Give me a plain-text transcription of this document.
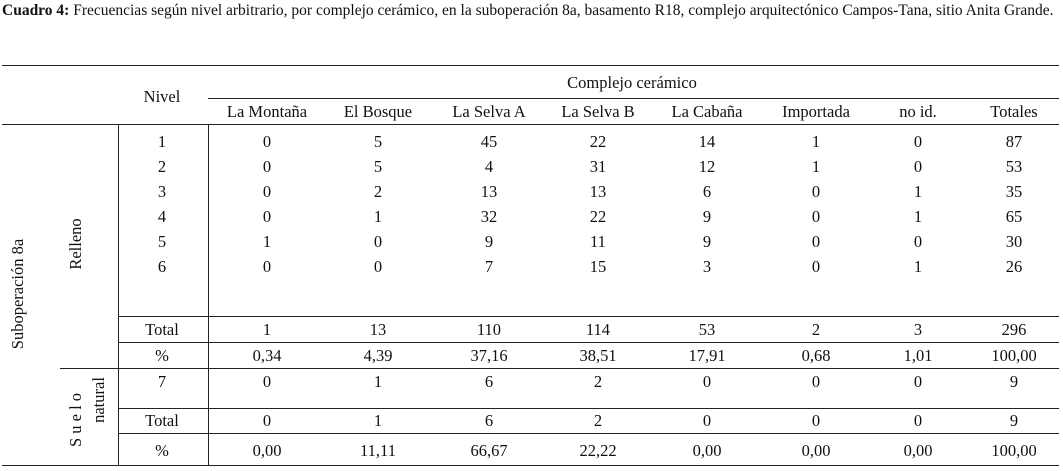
Cuadro 4: Frecuencias según nivel arbitrario, por complejo cerámico, en la suboperación 8a, basamento R18, complejo arquitectónico Campos-Tana, sitio Anita Grande.
Nivel
Complejo cerámico
La Montaña	El Bosque	La Selva A	La Selva B	La Cabaña	Importada	no id.	Totales
1	0	5	45	22	14	1	0	87
2	0	5	4	31	12	1	0	53
3	0	2	13	13	6	0	1	35
4	0	1	32	22	9	0	1	65
5	1	0	9	11	9	0	0	30
6	0	0	7	15	3	0	1	26
Total	1	13	110	114	53	2	3	296
%	0,34	4,39	37,16	38,51	17,91	0,68	1,01	100,00
7	0	1	6	2	0	0	0	9
Total	0	1	6	2	0	0	0	9
%	0,00	11,11	66,67	22,22	0,00	0,00	0,00	100,00
Suboperación 8a Relleno
S u e l o natural
